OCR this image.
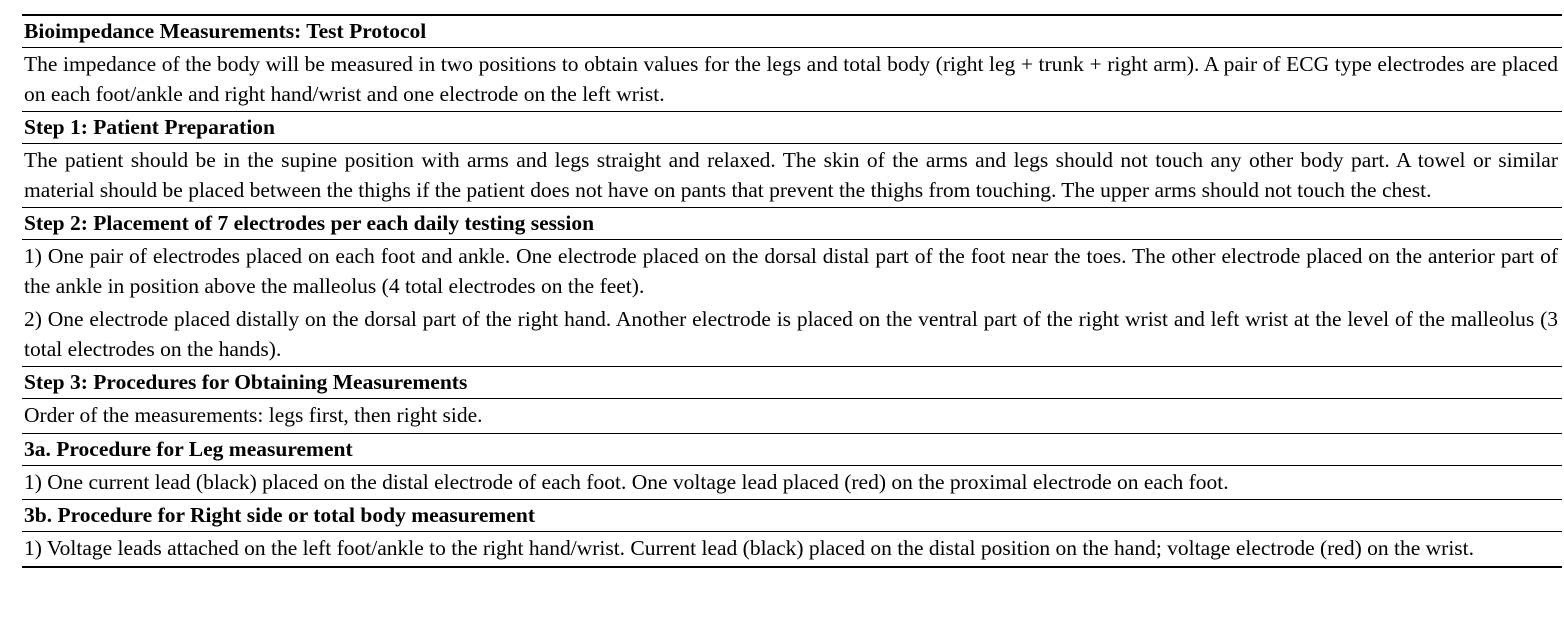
Bioimpedance Measurements: Test Protocol
The impedance of the body will be measured in two positions to obtain values for the legs and total body (right leg + trunk + right arm). A pair of ECG type electrodes are placed on each foot/ankle and right hand/wrist and one electrode on the left wrist.
Step 1: Patient Preparation
The patient should be in the supine position with arms and legs straight and relaxed. The skin of the arms and legs should not touch any other body part. A towel or similar material should be placed between the thighs if the patient does not have on pants that prevent the thighs from touching. The upper arms should not touch the chest.
Step 2: Placement of 7 electrodes per each daily testing session
1) One pair of electrodes placed on each foot and ankle. One electrode placed on the dorsal distal part of the foot near the toes. The other electrode placed on the anterior part of the ankle in position above the malleolus (4 total electrodes on the feet).
2) One electrode placed distally on the dorsal part of the right hand. Another electrode is placed on the ventral part of the right wrist and left wrist at the level of the malleolus (3 total electrodes on the hands).
Step 3: Procedures for Obtaining Measurements
Order of the measurements: legs first, then right side.
3a. Procedure for Leg measurement
1) One current lead (black) placed on the distal electrode of each foot. One voltage lead placed (red) on the proximal electrode on each foot.
3b. Procedure for Right side or total body measurement
1) Voltage leads attached on the left foot/ankle to the right hand/wrist. Current lead (black) placed on the distal position on the hand; voltage electrode (red) on the wrist.
